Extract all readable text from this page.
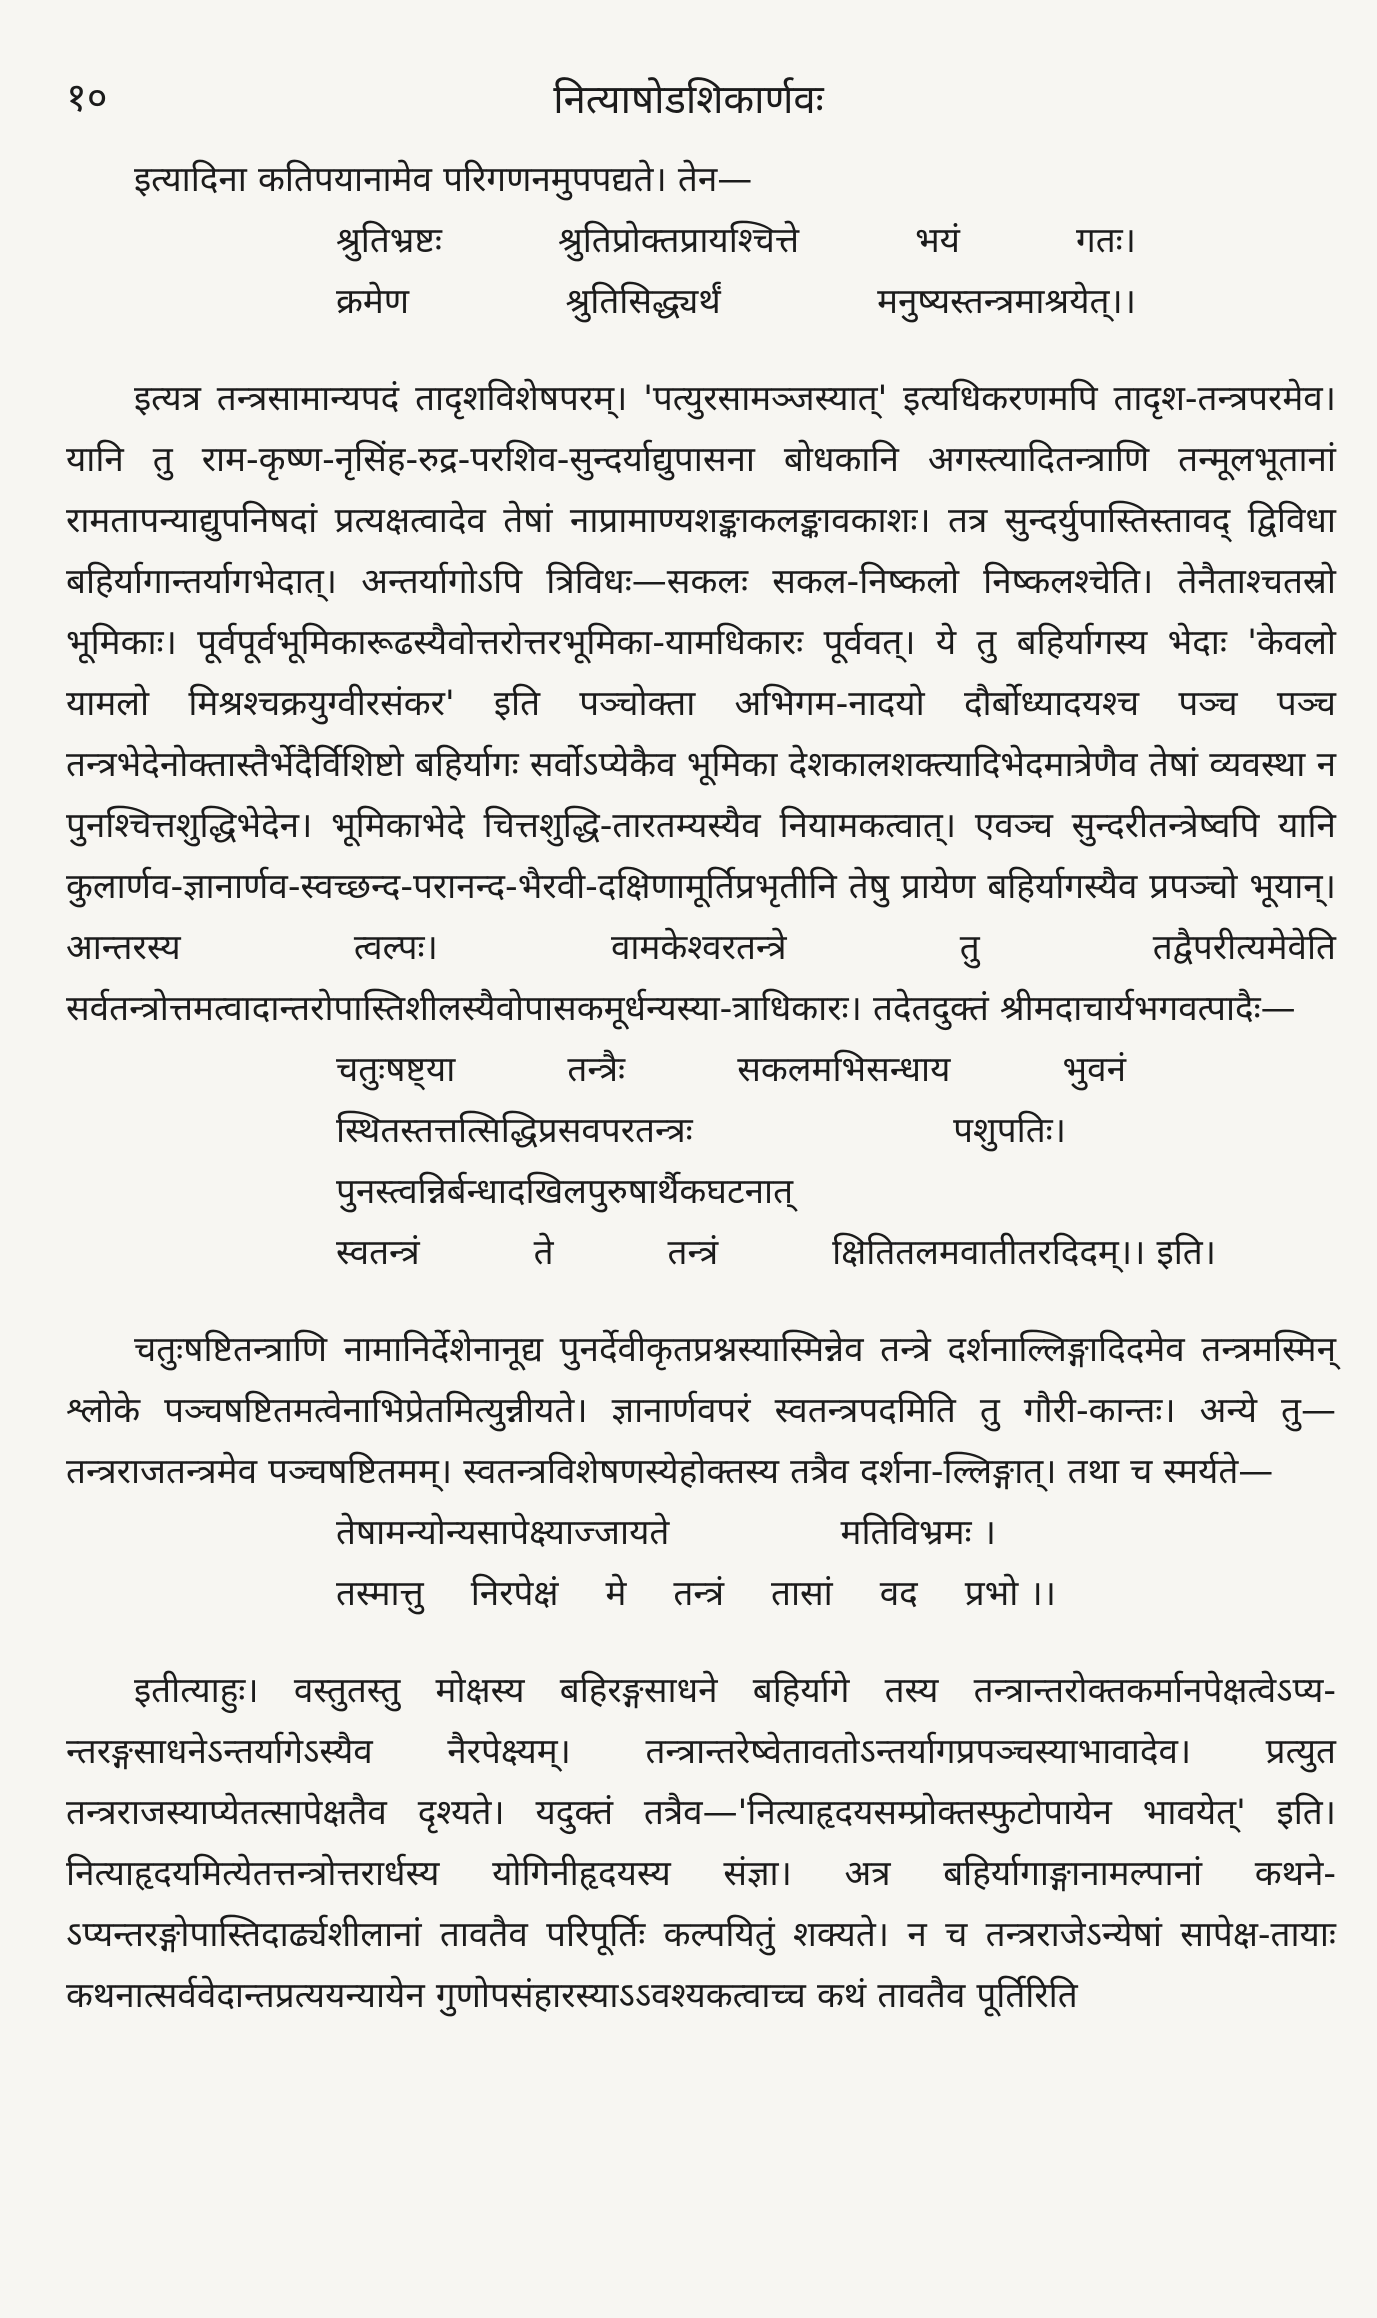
१०	नित्याषोडशिकार्णवः

इत्यादिना कतिपयानामेव परिगणनमुपपद्यते। तेन—

श्रुतिभ्रष्टः	श्रुतिप्रोक्तप्रायश्चित्ते	भयं	गतः।
क्रमेण	श्रुतिसिद्ध्यर्थं	मनुष्यस्तन्त्रमाश्रयेत्।।

इत्यत्र तन्त्रसामान्यपदं तादृशविशेषपरम्। 'पत्युरसामञ्जस्यात्' इत्यधिकरणमपि तादृश-तन्त्रपरमेव। यानि तु राम-कृष्ण-नृसिंह-रुद्र-परशिव-सुन्दर्याद्युपासना बोधकानि अगस्त्यादितन्त्राणि तन्मूलभूतानां रामतापन्याद्युपनिषदां प्रत्यक्षत्वादेव तेषां नाप्रामाण्यशङ्काकलङ्कावकाशः। तत्र सुन्दर्युपास्तिस्तावद् द्विविधा बहिर्यागान्तर्यागभेदात्। अन्तर्यागोऽपि त्रिविधः—सकलः सकल-निष्कलो निष्कलश्चेति। तेनैताश्चतस्रो भूमिकाः। पूर्वपूर्वभूमिकारूढस्यैवोत्तरोत्तरभूमिका-यामधिकारः पूर्ववत्। ये तु बहिर्यागस्य भेदाः 'केवलो यामलो मिश्रश्चक्रयुग्वीरसंकर' इति पञ्चोक्ता अभिगम-नादयो दौर्बोध्यादयश्च पञ्च पञ्च तन्त्रभेदेनोक्तास्तैर्भेदैर्विशिष्टो बहिर्यागः सर्वोऽप्येकैव भूमिका देशकालशक्त्यादिभेदमात्रेणैव तेषां व्यवस्था न पुनश्चित्तशुद्धिभेदेन। भूमिकाभेदे चित्तशुद्धि-तारतम्यस्यैव नियामकत्वात्। एवञ्च सुन्दरीतन्त्रेष्वपि यानि कुलार्णव-ज्ञानार्णव-स्वच्छन्द-परानन्द-भैरवी-दक्षिणामूर्तिप्रभृतीनि तेषु प्रायेण बहिर्यागस्यैव प्रपञ्चो भूयान्। आन्तरस्य त्वल्पः। वामकेश्वरतन्त्रे तु तद्वैपरीत्यमेवेति सर्वतन्त्रोत्तमत्वादान्तरोपास्तिशीलस्यैवोपासकमूर्धन्यस्या-त्राधिकारः। तदेतदुक्तं श्रीमदाचार्यभगवत्पादैः—

चतुःषष्ट्या	तन्त्रैः	सकलमभिसन्धाय	भुवनं
स्थितस्तत्तत्सिद्धिप्रसवपरतन्त्रः	पशुपतिः।
पुनस्त्वन्निर्बन्धादखिलपुरुषार्थैकघटनात्
स्वतन्त्रं	ते	तन्त्रं	क्षितितलमवातीतरदिदम्।। इति।

चतुःषष्टितन्त्राणि नामानिर्देशेनानूद्य पुनर्देवीकृतप्रश्नस्यास्मिन्नेव तन्त्रे दर्शनाल्लिङ्गादिदमेव तन्त्रमस्मिन् श्लोके पञ्चषष्टितमत्वेनाभिप्रेतमित्युन्नीयते। ज्ञानार्णवपरं स्वतन्त्रपदमिति तु गौरी-कान्तः। अन्ये तु—तन्त्रराजतन्त्रमेव पञ्चषष्टितमम्। स्वतन्त्रविशेषणस्येहोक्तस्य तत्रैव दर्शना-ल्लिङ्गात्। तथा च स्मर्यते—

तेषामन्योन्यसापेक्ष्याज्जायते	मतिविभ्रमः ।
तस्मात्तु निरपेक्षं मे तन्त्रं तासां वद प्रभो ।।

इतीत्याहुः। वस्तुतस्तु मोक्षस्य बहिरङ्गसाधने बहिर्यागे तस्य तन्त्रान्तरोक्तकर्मानपेक्षत्वेऽप्य-न्तरङ्गसाधनेऽन्तर्यागेऽस्यैव नैरपेक्ष्यम्। तन्त्रान्तरेष्वेतावतोऽन्तर्यागप्रपञ्चस्याभावादेव। प्रत्युत तन्त्रराजस्याप्येतत्सापेक्षतैव दृश्यते। यदुक्तं तत्रैव—'नित्याहृदयसम्प्रोक्तस्फुटोपायेन भावयेत्' इति। नित्याहृदयमित्येतत्तन्त्रोत्तरार्धस्य योगिनीहृदयस्य संज्ञा। अत्र बहिर्यागाङ्गानामल्पानां कथने-ऽप्यन्तरङ्गोपास्तिदार्ढ्यशीलानां तावतैव परिपूर्तिः कल्पयितुं शक्यते। न च तन्त्रराजेऽन्येषां सापेक्ष-तायाः कथनात्सर्ववेदान्तप्रत्ययन्यायेन गुणोपसंहारस्याऽऽवश्यकत्वाच्च कथं तावतैव पूर्तिरिति
